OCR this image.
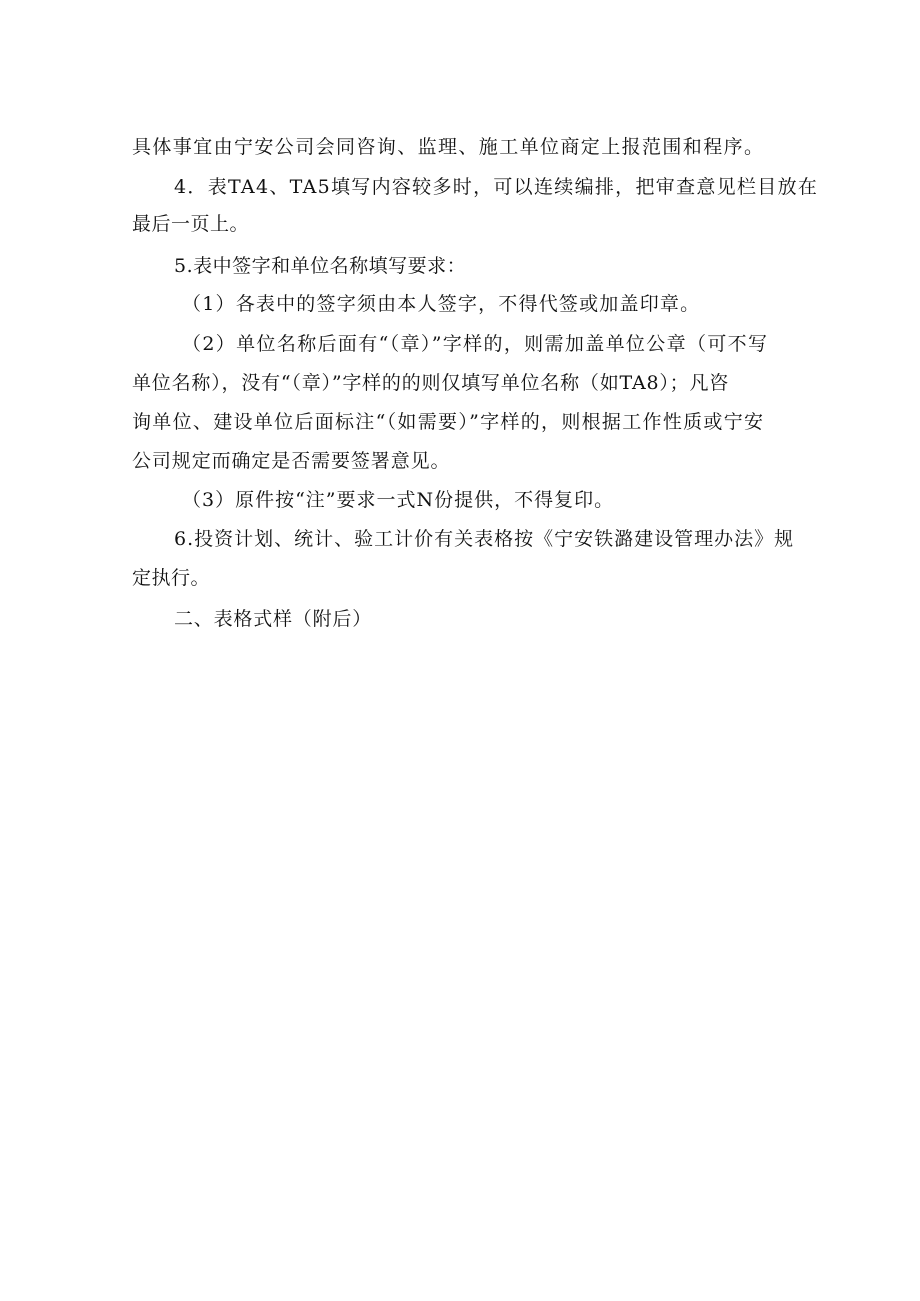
具体事宜由宁安公司会同咨询、监理、施工单位商定上报范围和程序。
4．表TA4、TA5填写内容较多时，可以连续编排，把审查意见栏目放在
最后一页上。
5.表中签字和单位名称填写要求：
（1）各表中的签字须由本人签字，不得代签或加盖印章。
（2）单位名称后面有“（章）”字样的，则需加盖单位公章（可不写
单位名称），没有“（章）”字样的的则仅填写单位名称（如TA8）；凡咨
询单位、建设单位后面标注“（如需要）”字样的，则根据工作性质或宁安
公司规定而确定是否需要签署意见。
（3）原件按“注”要求一式N份提供，不得复印。
6.投资计划、统计、验工计价有关表格按《宁安铁潞建设管理办法》规
定执行。
二、表格式样（附后）
